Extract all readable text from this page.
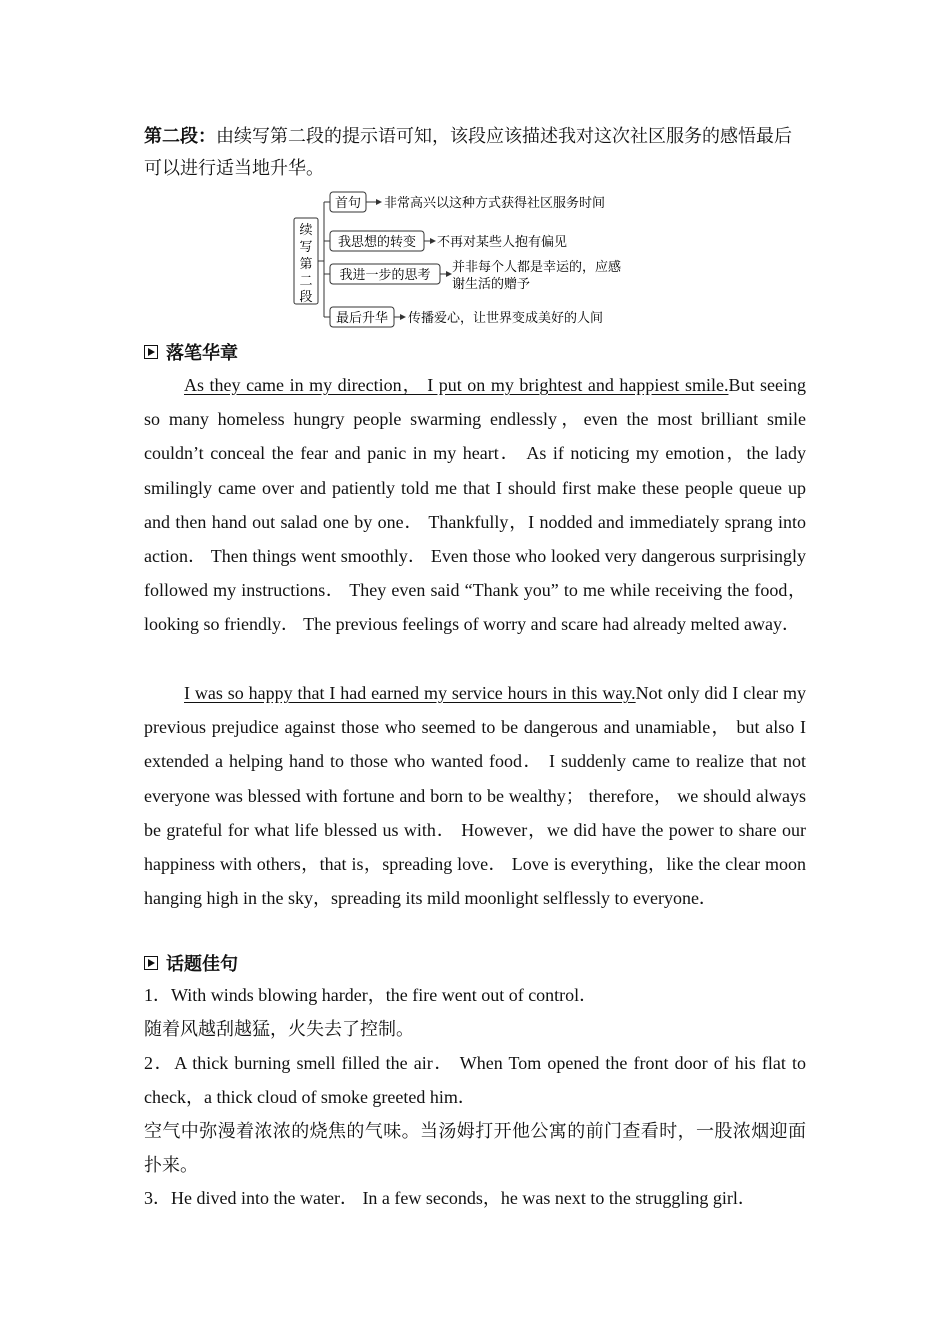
第二段：由续写第二段的提示语可知，该段应该描述我对这次社区服务的感悟最后可以进行适当地升华。
续
写
第
二
段
首句 非常高兴以这种方式获得社区服务时间
我思想的转变 不再对某些人抱有偏见
我进一步的思考
并非每个人都是幸运的，应感
谢生活的赠予
最后升华 传播爱心，让世界变成美好的人间
落笔华章
As they came in my direction， I put on my brightest and happiest smile.But seeing so many homeless hungry people swarming endlessly，even the most brilliant smile couldn’t conceal the fear and panic in my heart． As if noticing my emotion，the lady smilingly came over and patiently told me that I should first make these people queue up and then hand out salad one by one． Thankfully，I nodded and immediately sprang into action． Then things went smoothly． Even those who looked very dangerous surprisingly followed my instructions． They even said “Thank you” to me while receiving the food，looking so friendly． The previous feelings of worry and scare had already melted away．
I was so happy that I had earned my service hours in this way.Not only did I clear my previous prejudice against those who seemed to be dangerous and unamiable， but also I extended a helping hand to those who wanted food． I suddenly came to realize that not everyone was blessed with fortune and born to be wealthy； therefore， we should always be grateful for what life blessed us with． However，we did have the power to share our happiness with others，that is，spreading love． Love is everything，like the clear moon hanging high in the sky，spreading its mild moonlight selflessly to everyone．
话题佳句
1．With winds blowing harder，the fire went out of control．
随着风越刮越猛，火失去了控制。
2．A thick burning smell filled the air． When Tom opened the front door of his flat to check，a thick cloud of smoke greeted him．
空气中弥漫着浓浓的烧焦的气味。当汤姆打开他公寓的前门查看时，一股浓烟迎面扑来。
3．He dived into the water． In a few seconds，he was next to the struggling girl．
